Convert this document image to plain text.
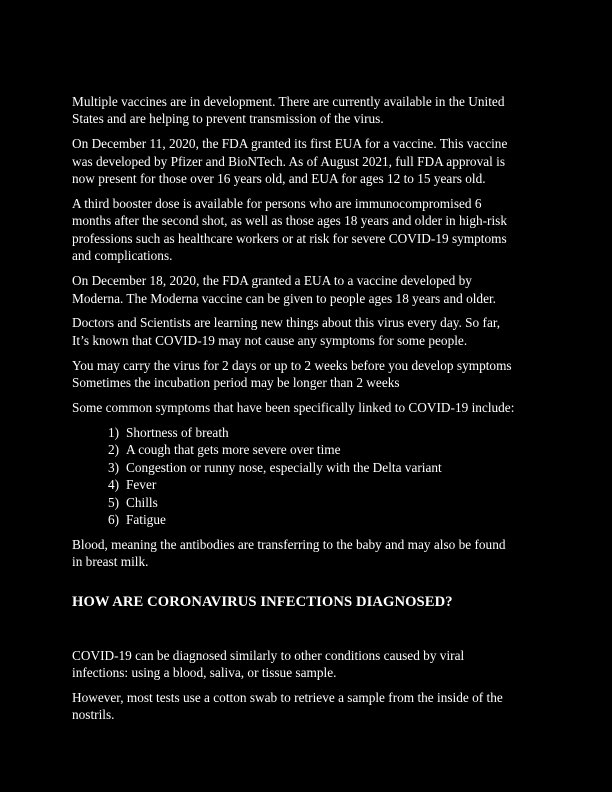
Multiple vaccines are in development. There are currently available in the United
States and are helping to prevent transmission of the virus.

On December 11, 2020, the FDA granted its first EUA for a vaccine. This vaccine
was developed by Pfizer and BioNTech. As of August 2021, full FDA approval is
now present for those over 16 years old, and EUA for ages 12 to 15 years old.

A third booster dose is available for persons who are immunocompromised 6
months after the second shot, as well as those ages 18 years and older in high-risk
professions such as healthcare workers or at risk for severe COVID-19 symptoms
and complications.

On December 18, 2020, the FDA granted a EUA to a vaccine developed by
Moderna. The Moderna vaccine can be given to people ages 18 years and older.

Doctors and Scientists are learning new things about this virus every day. So far,
It’s known that COVID-19 may not cause any symptoms for some people.

You may carry the virus for 2 days or up to 2 weeks before you develop symptoms
Sometimes the incubation period may be longer than 2 weeks

Some common symptoms that have been specifically linked to COVID-19 include:

1) Shortness of breath
2) A cough that gets more severe over time
3) Congestion or runny nose, especially with the Delta variant
4) Fever
5) Chills
6) Fatigue

Blood, meaning the antibodies are transferring to the baby and may also be found
in breast milk.

HOW ARE CORONAVIRUS INFECTIONS DIAGNOSED?

COVID-19 can be diagnosed similarly to other conditions caused by viral
infections: using a blood, saliva, or tissue sample.

However, most tests use a cotton swab to retrieve a sample from the inside of the
nostrils.
